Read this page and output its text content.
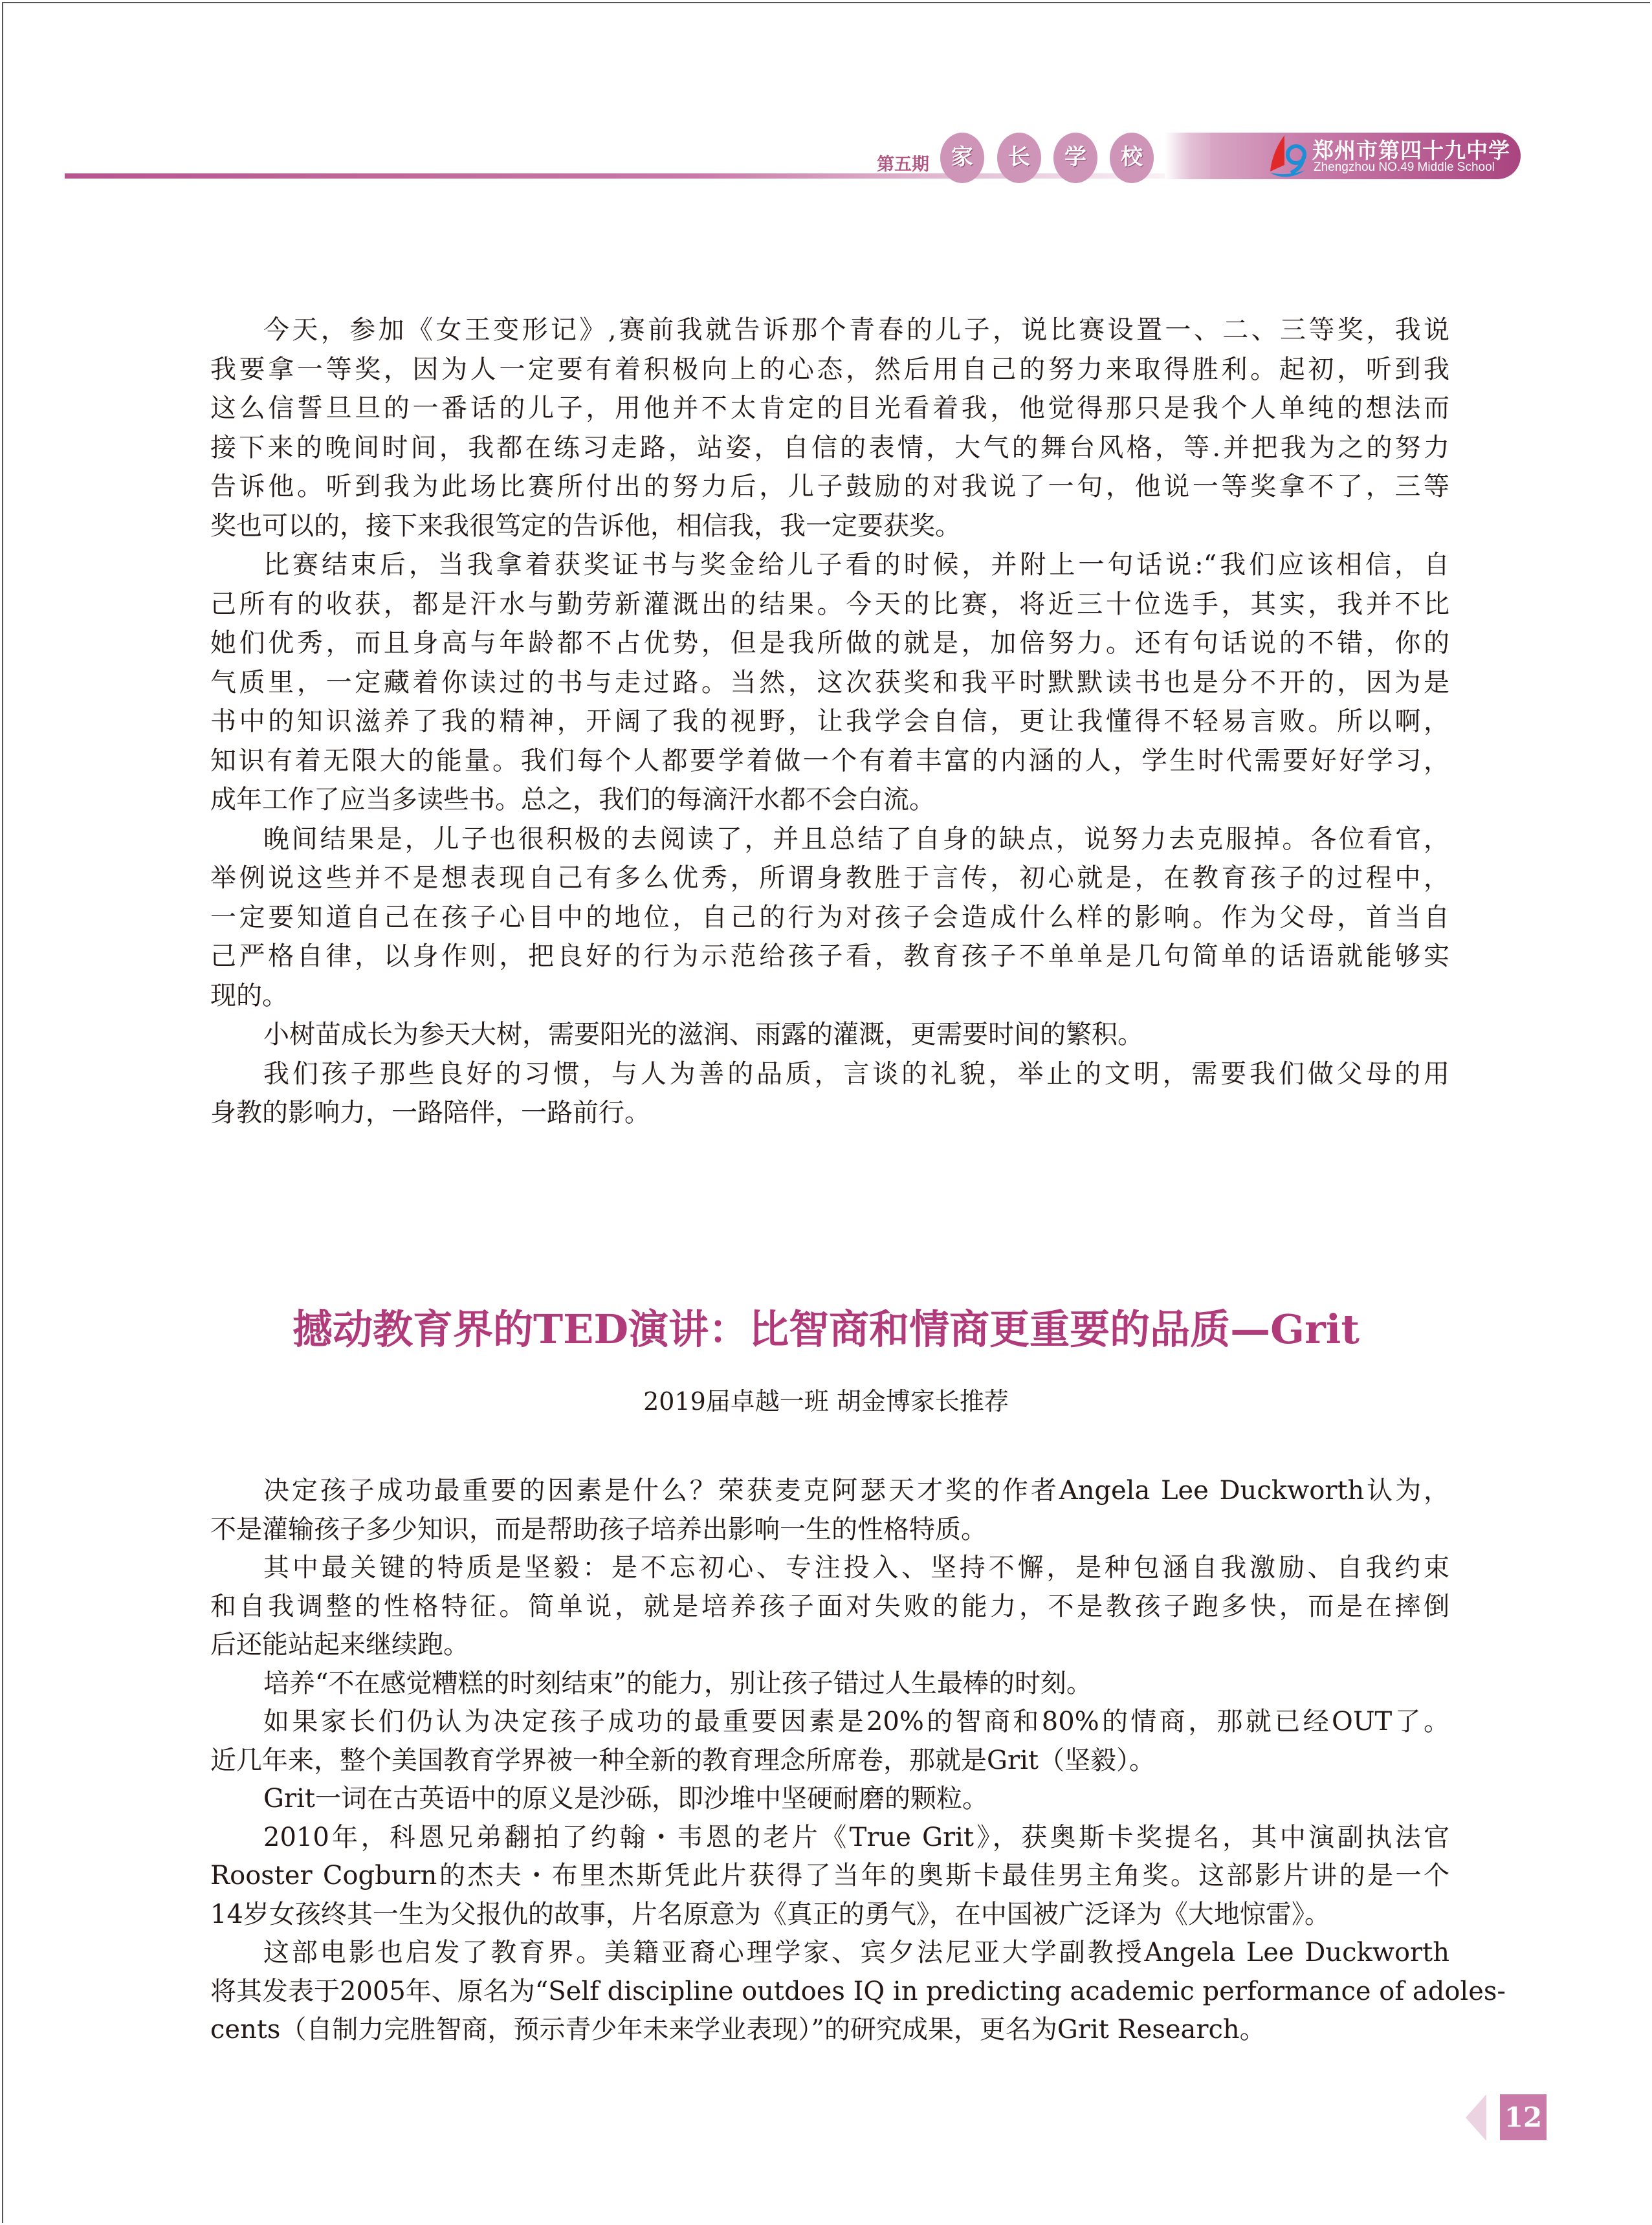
第五期	家	长	学	校	郑州市第四十九中学
Zhengzhou NO.49 Middle School
今天，参加《女王变形记》,赛前我就告诉那个青春的儿子，说比赛设置一、二、三等奖，我说
我要拿一等奖，因为人一定要有着积极向上的心态，然后用自己的努力来取得胜利。起初，听到我
这么信誓旦旦的一番话的儿子，用他并不太肯定的目光看着我，他觉得那只是我个人单纯的想法而
接下来的晚间时间，我都在练习走路，站姿，自信的表情，大气的舞台风格，等.并把我为之的努力
告诉他。听到我为此场比赛所付出的努力后，儿子鼓励的对我说了一句，他说一等奖拿不了，三等
奖也可以的，接下来我很笃定的告诉他，相信我，我一定要获奖。
比赛结束后，当我拿着获奖证书与奖金给儿子看的时候，并附上一句话说:“我们应该相信，自
己所有的收获，都是汗水与勤劳新灌溉出的结果。今天的比赛，将近三十位选手，其实，我并不比
她们优秀，而且身高与年龄都不占优势，但是我所做的就是，加倍努力。还有句话说的不错，你的
气质里，一定藏着你读过的书与走过路。当然，这次获奖和我平时默默读书也是分不开的，因为是
书中的知识滋养了我的精神，开阔了我的视野，让我学会自信，更让我懂得不轻易言败。所以啊，
知识有着无限大的能量。我们每个人都要学着做一个有着丰富的内涵的人，学生时代需要好好学习，
成年工作了应当多读些书。总之，我们的每滴汗水都不会白流。
晚间结果是，儿子也很积极的去阅读了，并且总结了自身的缺点，说努力去克服掉。各位看官，
举例说这些并不是想表现自己有多么优秀，所谓身教胜于言传，初心就是，在教育孩子的过程中，
一定要知道自己在孩子心目中的地位，自己的行为对孩子会造成什么样的影响。作为父母，首当自
己严格自律，以身作则，把良好的行为示范给孩子看，教育孩子不单单是几句简单的话语就能够实
现的。
小树苗成长为参天大树，需要阳光的滋润、雨露的灌溉，更需要时间的繁积。
我们孩子那些良好的习惯，与人为善的品质，言谈的礼貌，举止的文明，需要我们做父母的用
身教的影响力，一路陪伴，一路前行。
撼动教育界的TED演讲：比智商和情商更重要的品质—Grit
2019届卓越一班 胡金博家长推荐
决定孩子成功最重要的因素是什么？荣获麦克阿瑟天才奖的作者Angela Lee Duckworth认为，
不是灌输孩子多少知识，而是帮助孩子培养出影响一生的性格特质。
其中最关键的特质是坚毅：是不忘初心、专注投入、坚持不懈，是种包涵自我激励、自我约束
和自我调整的性格特征。简单说，就是培养孩子面对失败的能力，不是教孩子跑多快，而是在摔倒
后还能站起来继续跑。
培养“不在感觉糟糕的时刻结束”的能力，别让孩子错过人生最棒的时刻。
如果家长们仍认为决定孩子成功的最重要因素是20%的智商和80%的情商，那就已经OUT了。
近几年来，整个美国教育学界被一种全新的教育理念所席卷，那就是Grit（坚毅）。
Grit一词在古英语中的原义是沙砾，即沙堆中坚硬耐磨的颗粒。
2010年，科恩兄弟翻拍了约翰・韦恩的老片《True Grit》，获奥斯卡奖提名，其中演副执法官
Rooster Cogburn的杰夫・布里杰斯凭此片获得了当年的奥斯卡最佳男主角奖。这部影片讲的是一个
14岁女孩终其一生为父报仇的故事，片名原意为《真正的勇气》，在中国被广泛译为《大地惊雷》。
这部电影也启发了教育界。美籍亚裔心理学家、宾夕法尼亚大学副教授Angela Lee Duckworth
将其发表于2005年、原名为“Self discipline outdoes IQ in predicting academic performance of adoles-
cents（自制力完胜智商，预示青少年未来学业表现）”的研究成果，更名为Grit Research。
12
